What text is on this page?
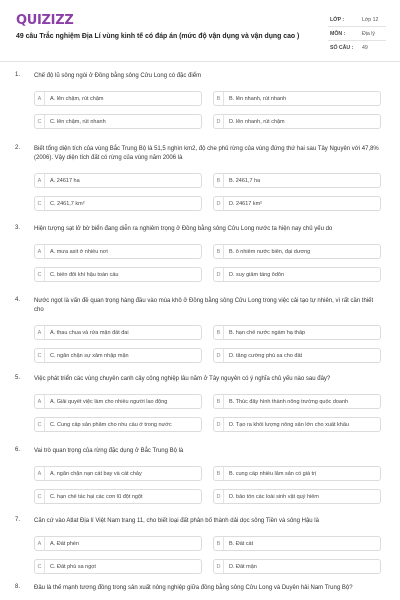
QUIZIZZ
49 câu Trắc nghiệm Địa Lí vùng kinh tế có đáp án (mức độ vận dụng và vận dụng cao )
LỚP :	Lớp 12
MÔN :	Địa lý
SỐ CÂU :	49
1. Chế độ lũ sông ngòi ở Đồng bằng sông Cửu Long có đặc điểm
A	A. lên chậm, rút chậm	B	B. lên nhanh, rút nhanh
C	C. lên chậm, rút nhanh	D	D. lên nhanh, rút chậm
2. Biết tổng diện tích của vùng Bắc Trung Bộ là 51,5 nghìn km2, độ che phủ rừng của vùng đứng thứ hai sau Tây Nguyên với 47,8% (2006). Vậy diện tích đất có rừng của vùng năm 2006 là
A	A. 24617 ha	B	B. 2461,7 ha
C	C. 2461,7 km²	D	D. 24617 km²
3. Hiện tượng sạt lở bờ biển đang diễn ra nghiêm trọng ở Đồng bằng sông Cửu Long nước ta hiện nay chủ yếu do
A	A. mưa axit ở nhiều nơi	B	B. ô nhiễm nước biển, đại dương
C	C. biến đổi khí hậu toàn cầu	D	D. suy giảm tầng ôdôn
4. Nước ngọt là vấn đề quan trọng hàng đầu vào mùa khô ở Đồng bằng sông Cửu Long trong việc cải tạo tự nhiên, vì rất cần thiết cho
A	A. thau chua và rửa mặn đất đai	B	B. hạn chế nước ngầm hạ thấp
C	C. ngăn chặn sự xâm nhập mặn	D	D. tăng cường phù sa cho đất
5. Việc phát triển các vùng chuyên canh cây công nghiệp lâu năm ở Tây nguyên có ý nghĩa chủ yếu nào sau đây?
A	A. Giải quyết việc làm cho nhiều người lao động	B	B. Thúc đẩy hình thành nông trường quốc doanh
C	C. Cung cấp sản phẩm cho nhu cầu ở trong nước	D	D. Tạo ra khối lượng nông sản lớn cho xuất khẩu
6. Vai trò quan trọng của rừng đặc dụng ở Bắc Trung Bộ là
A	A. ngăn chặn nạn cát bay và cát chảy	B	B. cung cấp nhiều lâm sản có giá trị
C	C. hạn chế tác hại các cơn lũ đột ngột	D	D. bảo tồn các loài sinh vật quý hiếm
7. Căn cứ vào Atlat Địa lí Việt Nam trang 11, cho biết loại đất phân bố thành dải dọc sông Tiền và sông Hậu là
A	A. Đất phèn	B	B. Đất cát
C	C. Đất phù sa ngọt	D	D. Đất mặn
8. Đâu là thế mạnh tương đồng trong sản xuất nông nghiệp giữa đồng bằng sông Cửu Long và Duyên hải Nam Trung Bộ?
